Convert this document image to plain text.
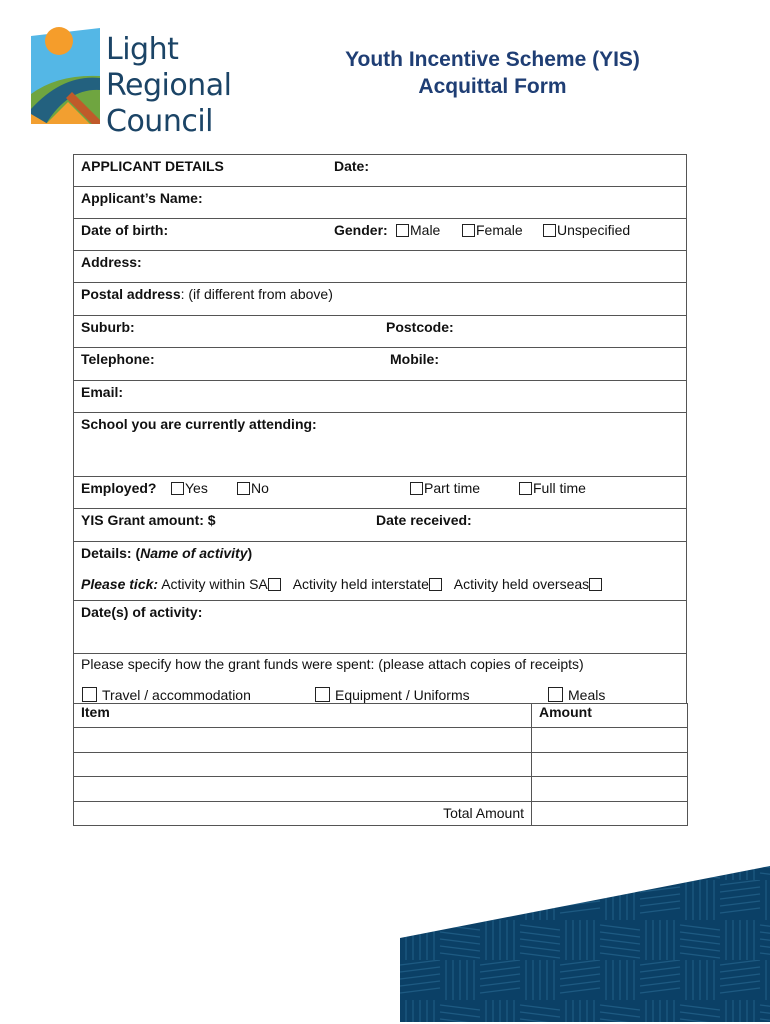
Light
Regional
Council
Youth Incentive Scheme (YIS)
Acquittal Form
APPLICANT DETAILS	Date:
Applicant’s Name:
Date of birth:	Gender:	Male	Female	Unspecified
Address:
Postal address: (if different from above)
Suburb:	Postcode:
Telephone:	Mobile:
Email:
School you are currently attending:
Employed?	Yes	No	Part time	Full time
YIS Grant amount: $	Date received:
Details: (Name of activity)
Please tick: Activity within SA Activity held interstate Activity held overseas
Date(s) of activity:
Please specify how the grant funds were spent: (please attach copies of receipts)
Travel / accommodation	Equipment / Uniforms	Meals
Item	Amount

Total Amount	
